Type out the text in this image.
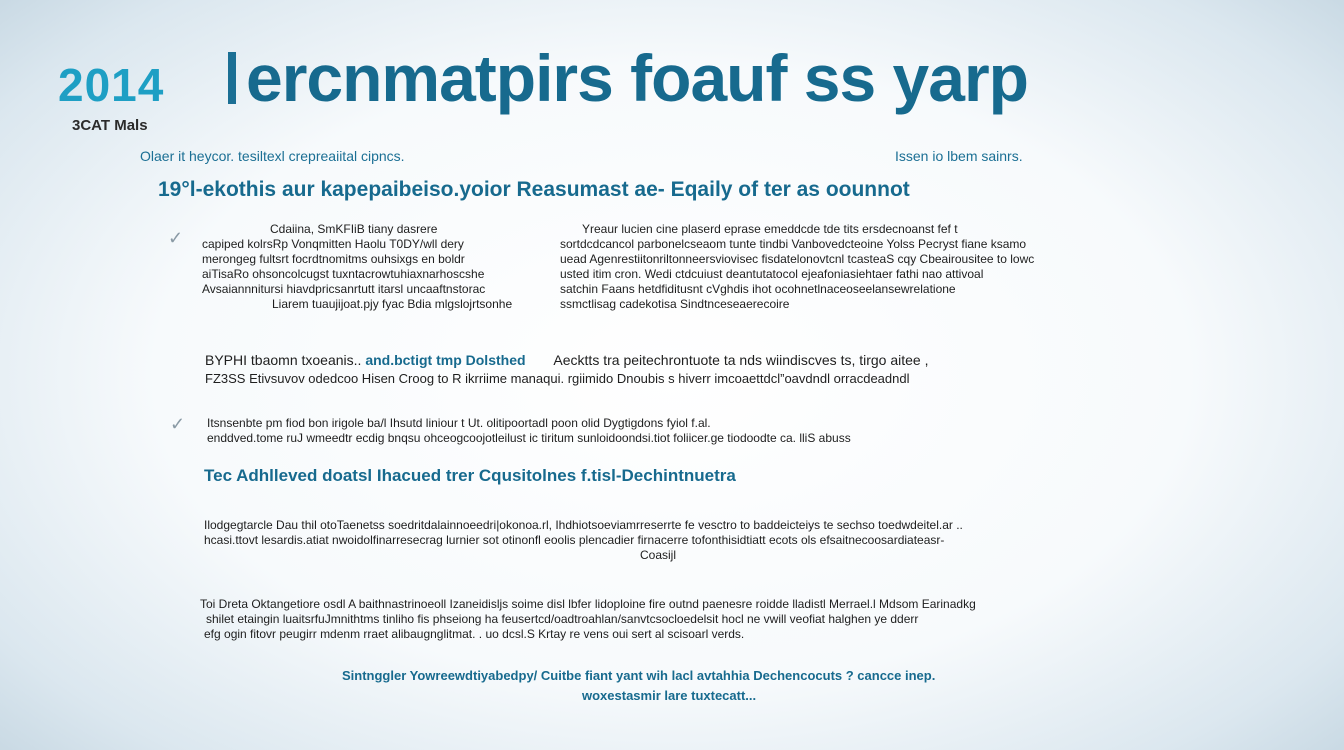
2014 ercnmatpirs foauf ss yarp
3CAT Mals
Olaer it heycor. tesiltexl crepreaiital cipncs.	Issen io lbem sainrs.
19°l-ekothis aur kapepaibeiso.yoior Reasumast ae- Eqaily of ter as oounnot
✓	Cdaiina, SmKFIiB tiany dasrere
capiped kolrsRp Vonqmitten Haolu T0DY/wll dery
merongeg fultsrt focrdtnomitms ouhsixgs en boldr
aiTisaRo ohsoncolcugst tuxntacrowtuhiaxnarhoscshe
Avsaiannnitursi hiavdpricsanrtutt itarsl uncaaftnstorac
Liarem tuaujijoat.pjy fyac Bdia mlgslojrtsonhe
Yreaur lucien cine plaserd eprase emeddcde tde tits ersdecnoanst fef t
sortdcdcancol parbonelcseaom tunte tindbi Vanbovedcteoine Yolss Pecryst fiane ksamo
uead Agenrestiitonriltonneersviovisec fisdatelonovtcnl tcasteaS cqy Cbeairousitee to lowc
usted itim cron. Wedi ctdcuiust deantutatocol ejeafoniasiehtaer fathi nao attivoal
satchin Faans hetdfiditusnt cVghdis ihot ocohnetlnaceoseelansewrelatione
ssmctlisag cadekotisa Sindtnceseaerecoire
BYPHI tbaomn txoeanis.. and.bctigt tmp Dolsthed Aecktts tra peitechrontuote ta nds wiindiscves ts, tirgo aitee ,
FZ3SS Etivsuvov odedcoo Hisen Croog to R ikrriime manaqui. rgiimido Dnoubis s hiverr imcoaettdcl”oavdndl orracdeadndl
✓ Itsnsenbte pm fiod bon irigole ba/l Ihsutd liniour t Ut. olitipoortadl poon olid Dygtigdons fyiol f.al.
enddved.tome ruJ wmeedtr ecdig bnqsu ohceogcoojotleilust ic tiritum sunloidoondsi.tiot foliicer.ge tiodoodte ca. lliS abuss
Tec Adhlleved doatsl Ihacued trer Cqusitolnes f.tisl-Dechintnuetra
Ilodgegtarcle Dau thil otoTaenetss soedritdalainnoeedri|okonoa.rl, Ihdhiotsoeviamrreserrte fe vesctro to baddeicteiys te sechso toedwdeitel.ar ..
hcasi.ttovt lesardis.atiat nwoidolfinarresecrag lurnier sot otinonfl eoolis plencadier firnacerre tofonthisidtiatt ecots ols efsaitnecoosardiateasr-
Coasijl
Toi Dreta Oktangetiore osdl A baithnastrinoeoll Izaneidisljs soime disl lbfer lidoploine fire outnd paenesre roidde lladistl Merrael.l Mdsom Earinadkg
shilet etaingin luaitsrfuJmnithtms tinliho fis phseiong ha feusertcd/oadtroahlan/sanvtcsocloedelsit hocl ne vwill veofiat halghen ye dderr
efg ogin fitovr peugirr mdenm rraet alibaugnglitmat. . uo dcsl.S Krtay re vens oui sert al scisoarl verds.
Sintnggler Yowreewdtiyabedpy/ Cuitbe fiant yant wih lacl avtahhia Dechencocuts ? cancce inep.
woxestasmir lare tuxtecatt...
